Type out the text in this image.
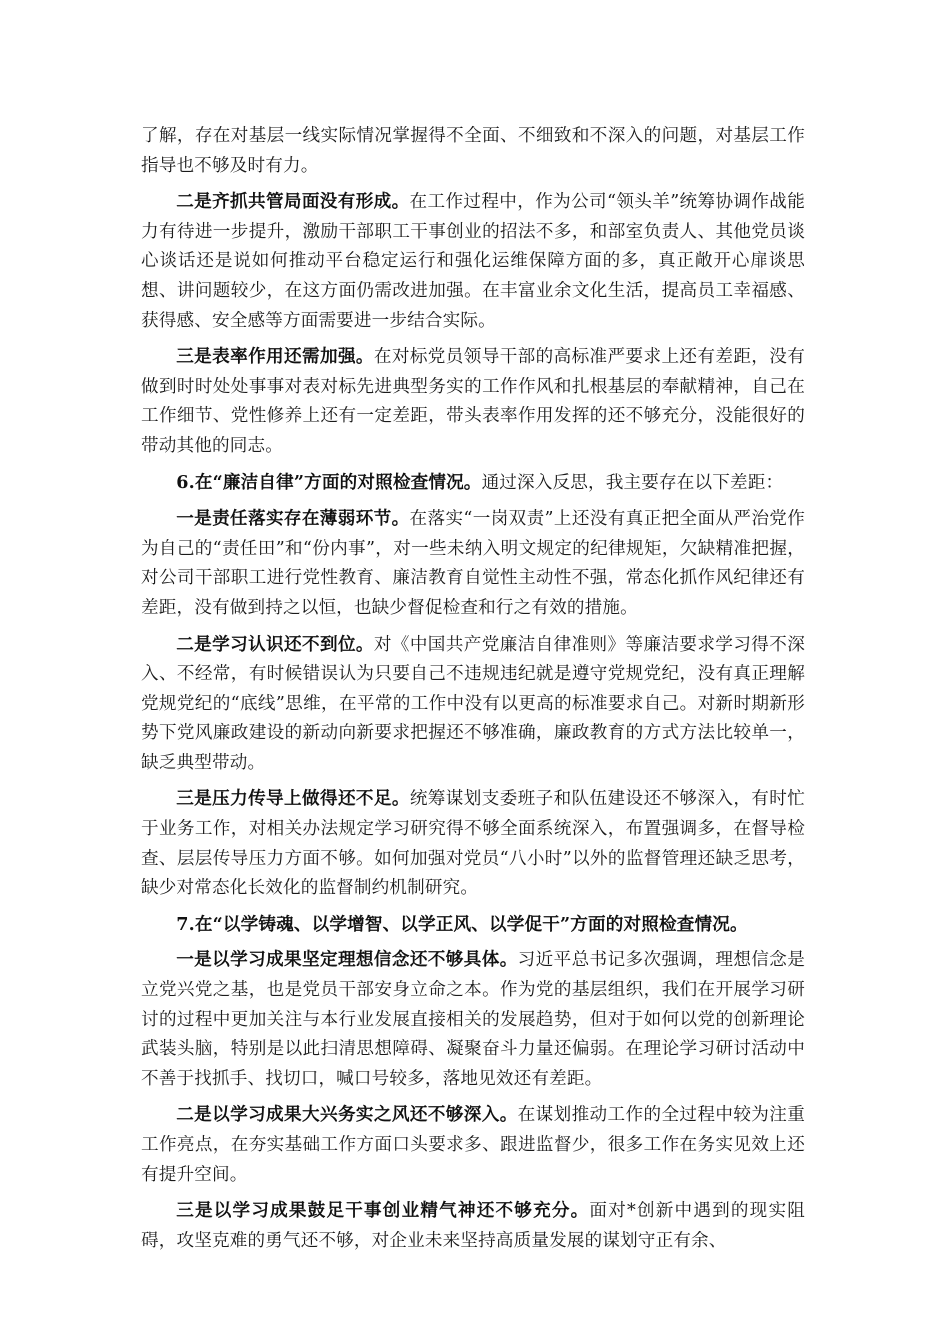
了解，存在对基层一线实际情况掌握得不全面、不细致和不深入的问题，对基层工作指导也不够及时有力。

二是齐抓共管局面没有形成。在工作过程中，作为公司“领头羊”统筹协调作战能力有待进一步提升，激励干部职工干事创业的招法不多，和部室负责人、其他党员谈心谈话还是说如何推动平台稳定运行和强化运维保障方面的多，真正敞开心扉谈思想、讲问题较少，在这方面仍需改进加强。在丰富业余文化生活，提高员工幸福感、获得感、安全感等方面需要进一步结合实际。

三是表率作用还需加强。在对标党员领导干部的高标准严要求上还有差距，没有做到时时处处事事对表对标先进典型务实的工作作风和扎根基层的奉献精神，自己在工作细节、党性修养上还有一定差距，带头表率作用发挥的还不够充分，没能很好的带动其他的同志。

6.在“廉洁自律”方面的对照检查情况。通过深入反思，我主要存在以下差距：

一是责任落实存在薄弱环节。在落实“一岗双责”上还没有真正把全面从严治党作为自己的“责任田”和“份内事”，对一些未纳入明文规定的纪律规矩，欠缺精准把握，对公司干部职工进行党性教育、廉洁教育自觉性主动性不强，常态化抓作风纪律还有差距，没有做到持之以恒，也缺少督促检查和行之有效的措施。

二是学习认识还不到位。对《中国共产党廉洁自律准则》等廉洁要求学习得不深入、不经常，有时候错误认为只要自己不违规违纪就是遵守党规党纪，没有真正理解党规党纪的“底线”思维，在平常的工作中没有以更高的标准要求自己。对新时期新形势下党风廉政建设的新动向新要求把握还不够准确，廉政教育的方式方法比较单一，缺乏典型带动。

三是压力传导上做得还不足。统筹谋划支委班子和队伍建设还不够深入，有时忙于业务工作，对相关办法规定学习研究得不够全面系统深入，布置强调多，在督导检查、层层传导压力方面不够。如何加强对党员“八小时”以外的监督管理还缺乏思考，缺少对常态化长效化的监督制约机制研究。

7.在“以学铸魂、以学增智、以学正风、以学促干”方面的对照检查情况。

一是以学习成果坚定理想信念还不够具体。习近平总书记多次强调，理想信念是立党兴党之基，也是党员干部安身立命之本。作为党的基层组织，我们在开展学习研讨的过程中更加关注与本行业发展直接相关的发展趋势，但对于如何以党的创新理论武装头脑，特别是以此扫清思想障碍、凝聚奋斗力量还偏弱。在理论学习研讨活动中不善于找抓手、找切口，喊口号较多，落地见效还有差距。

二是以学习成果大兴务实之风还不够深入。在谋划推动工作的全过程中较为注重工作亮点，在夯实基础工作方面口头要求多、跟进监督少，很多工作在务实见效上还有提升空间。

三是以学习成果鼓足干事创业精气神还不够充分。面对*创新中遇到的现实阻碍，攻坚克难的勇气还不够，对企业未来坚持高质量发展的谋划守正有余、
